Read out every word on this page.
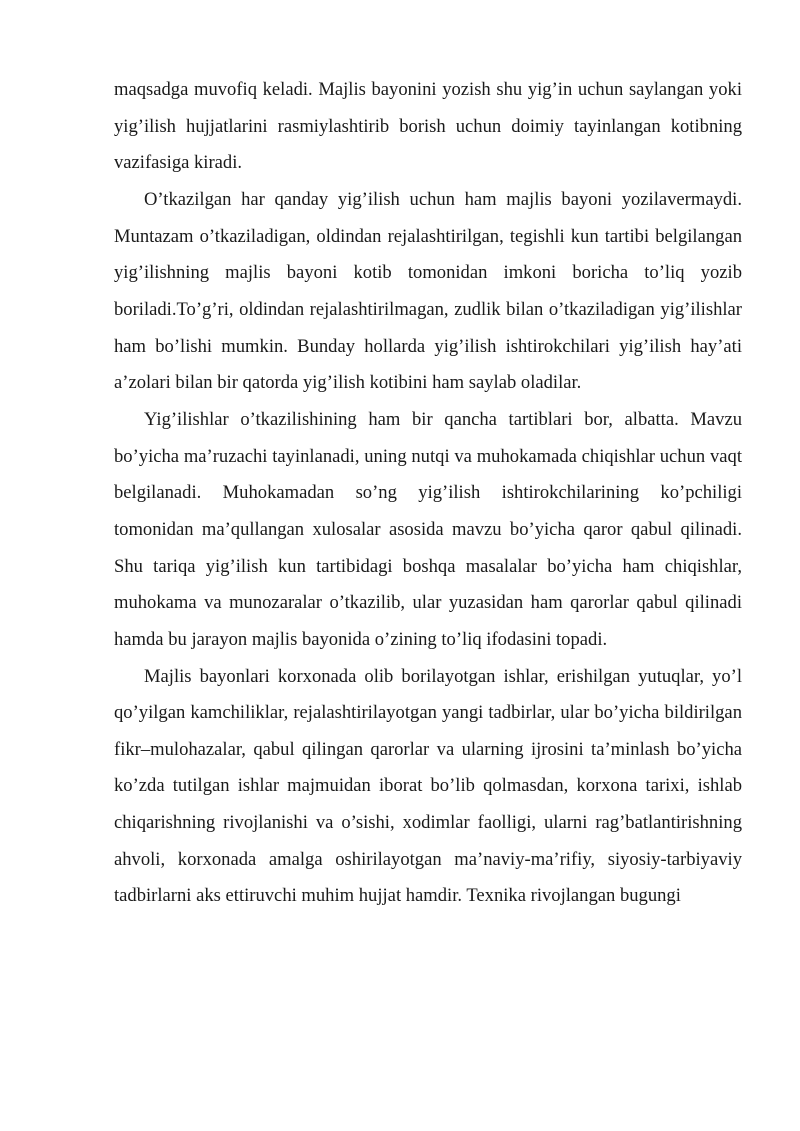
maqsadga muvofiq keladi. Majlis bayonini yozish shu yig’in uchun saylangan yoki yig’ilish hujjatlarini rasmiylashtirib borish uchun doimiy tayinlangan kotibning vazifasiga kiradi.

O’tkazilgan har qanday yig’ilish uchun ham majlis bayoni yozilavermaydi. Muntazam o’tkaziladigan, oldindan rejalashtirilgan, tegishli kun tartibi belgilangan yig’ilishning majlis bayoni kotib tomonidan imkoni boricha to’liq yozib boriladi.To’g’ri, oldindan rejalashtirilmagan, zudlik bilan o’tkaziladigan yig’ilishlar ham bo’lishi mumkin. Bunday hollarda yig’ilish ishtirokchilari yig’ilish hay’ati a’zolari bilan bir qatorda yig’ilish kotibini ham saylab oladilar.

Yig’ilishlar o’tkazilishining ham bir qancha tartiblari bor, albatta. Mavzu bo’yicha ma’ruzachi tayinlanadi, uning nutqi va muhokamada chiqishlar uchun vaqt belgilanadi. Muhokamadan so’ng yig’ilish ishtirokchilarining ko’pchiligi tomonidan ma’qullangan xulosalar asosida mavzu bo’yicha qaror qabul qilinadi. Shu tariqa yig’ilish kun tartibidagi boshqa masalalar bo’yicha ham chiqishlar, muhokama va munozaralar o’tkazilib, ular yuzasidan ham qarorlar qabul qilinadi hamda bu jarayon majlis bayonida o’zining to’liq ifodasini topadi.

Majlis bayonlari korxonada olib borilayotgan ishlar, erishilgan yutuqlar, yo’l qo’yilgan kamchiliklar, rejalashtirilayotgan yangi tadbirlar, ular bo’yicha bildirilgan fikr–mulohazalar, qabul qilingan qarorlar va ularning ijrosini ta’minlash bo’yicha ko’zda tutilgan ishlar majmuidan iborat bo’lib qolmasdan, korxona tarixi, ishlab chiqarishning rivojlanishi va o’sishi, xodimlar faolligi, ularni rag’batlantirishning ahvoli, korxonada amalga oshirilayotgan ma’naviy-ma’rifiy, siyosiy-tarbiyaviy tadbirlarni aks ettiruvchi muhim hujjat hamdir. Texnika rivojlangan bugungi
